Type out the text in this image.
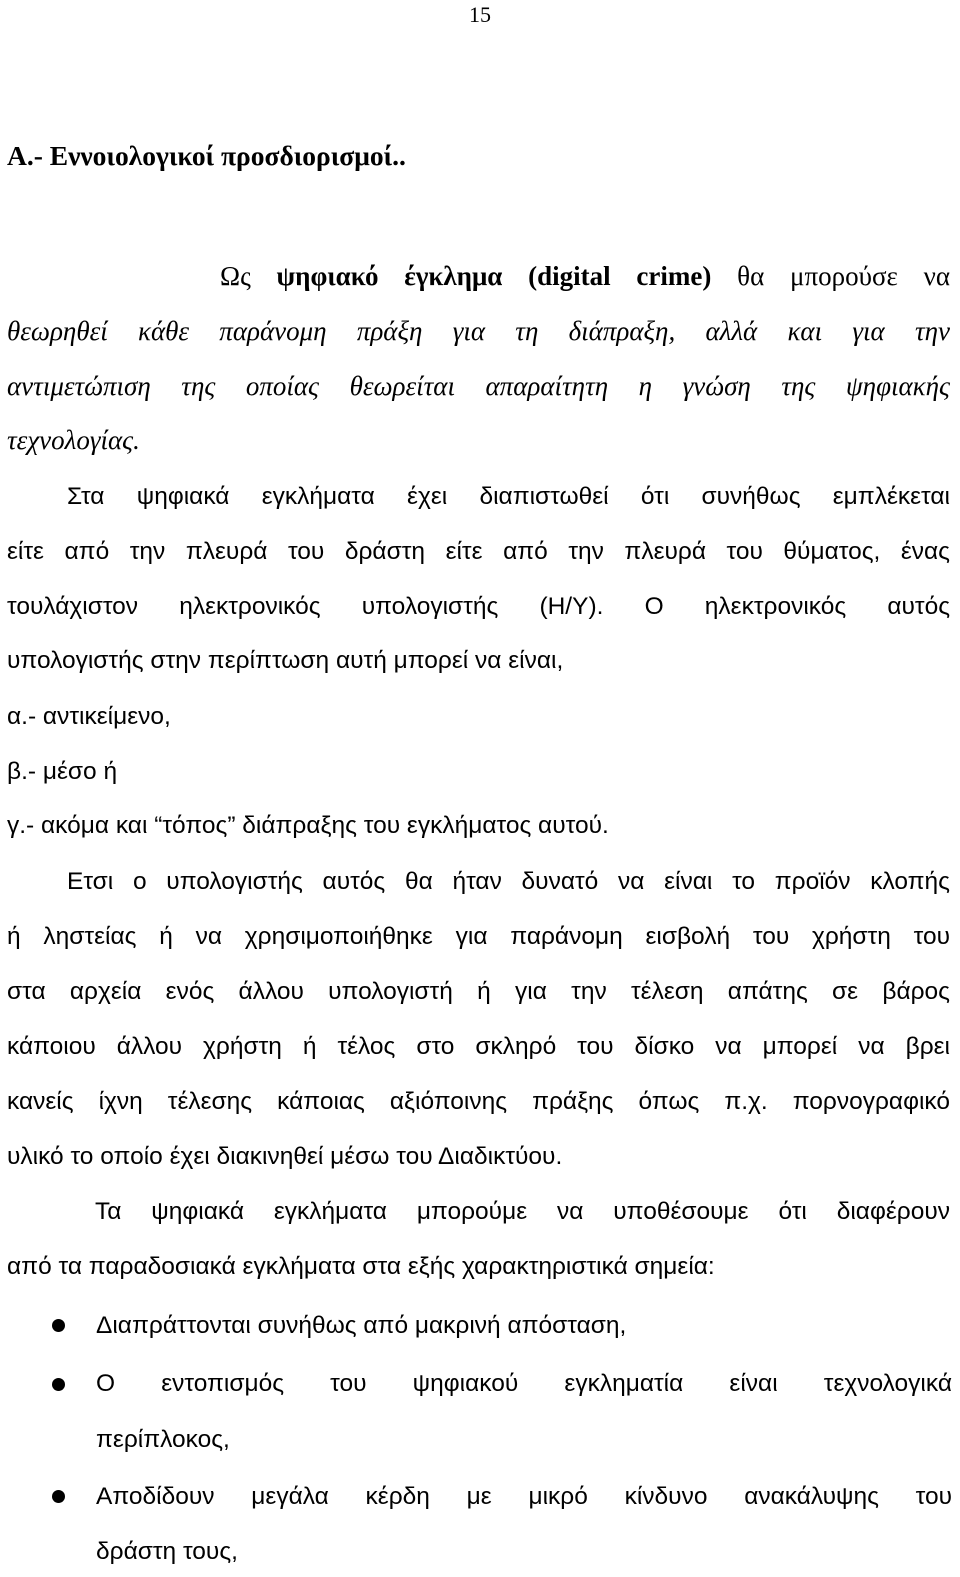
15
A.- Εννοιολογικοί προσδιορισμοί..
Ως ψηφιακό έγκλημα (digital crime) θα μπορούσε να
θεωρηθεί κάθε παράνομη πράξη για τη διάπραξη, αλλά και για την
αντιμετώπιση της οποίας θεωρείται απαραίτητη η γνώση της ψηφιακής
τεχνολογίας.
Στα ψηφιακά εγκλήματα έχει διαπιστωθεί ότι συνήθως εμπλέκεται
είτε από την πλευρά του δράστη είτε από την πλευρά του θύματος, ένας
τουλάχιστον ηλεκτρονικός υπολογιστής (Η/Υ). Ο ηλεκτρονικός αυτός
υπολογιστής στην περίπτωση αυτή μπορεί να είναι,
α.- αντικείμενο,
β.- μέσο ή
γ.- ακόμα και “τόπος” διάπραξης του εγκλήματος αυτού.
Ετσι ο υπολογιστής αυτός θα ήταν δυνατό να είναι το προϊόν κλοπής
ή ληστείας ή να χρησιμοποιήθηκε για παράνομη εισβολή του χρήστη του
στα αρχεία ενός άλλου υπολογιστή ή για την τέλεση απάτης σε βάρος
κάποιου άλλου χρήστη ή τέλος στο σκληρό του δίσκο να μπορεί να βρει
κανείς ίχνη τέλεσης κάποιας αξιόποινης πράξης όπως π.χ. πορνογραφικό
υλικό το οποίο έχει διακινηθεί μέσω του Διαδικτύου.
Τα ψηφιακά εγκλήματα μπορούμε να υποθέσουμε ότι διαφέρουν
από τα παραδοσιακά εγκλήματα στα εξής χαρακτηριστικά σημεία:
Διαπράττονται συνήθως από μακρινή απόσταση,
Ο εντοπισμός του ψηφιακού εγκληματία είναι τεχνολογικά
περίπλοκος,
Αποδίδουν μεγάλα κέρδη με μικρό κίνδυνο ανακάλυψης του
δράστη τους,
